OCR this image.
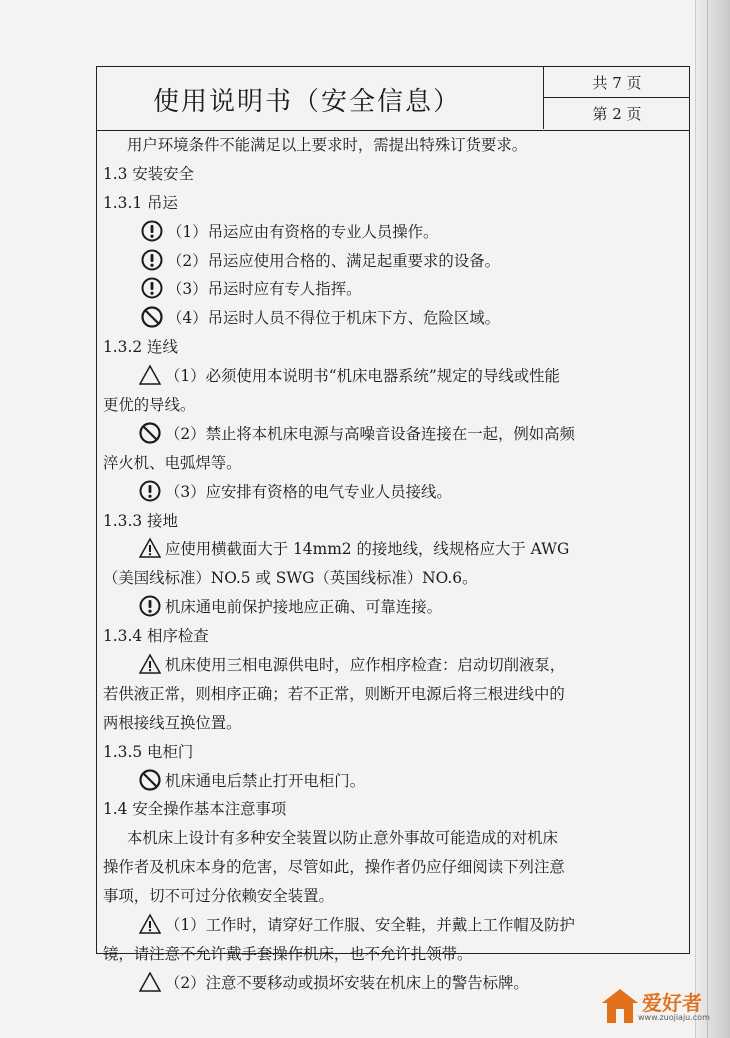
使用说明书（安全信息）
共 7 页
第 2 页
用户环境条件不能满足以上要求时，需提出特殊订货要求。
1.3 安装安全
1.3.1 吊运
（1）吊运应由有资格的专业人员操作。
（2）吊运应使用合格的、满足起重要求的设备。
（3）吊运时应有专人指挥。
（4）吊运时人员不得位于机床下方、危险区域。
1.3.2 连线
（1）必须使用本说明书“机床电器系统”规定的导线或性能
更优的导线。
（2）禁止将本机床电源与高噪音设备连接在一起，例如高频
淬火机、电弧焊等。
（3）应安排有资格的电气专业人员接线。
1.3.3 接地
应使用横截面大于 14mm2 的接地线，线规格应大于 AWG
（美国线标准）NO.5 或 SWG（英国线标准）NO.6。
机床通电前保护接地应正确、可靠连接。
1.3.4 相序检查
机床使用三相电源供电时，应作相序检查：启动切削液泵，
若供液正常，则相序正确；若不正常，则断开电源后将三根进线中的
两根接线互换位置。
1.3.5 电柜门
机床通电后禁止打开电柜门。
1.4 安全操作基本注意事项
本机床上设计有多种安全装置以防止意外事故可能造成的对机床
操作者及机床本身的危害，尽管如此，操作者仍应仔细阅读下列注意
事项，切不可过分依赖安全装置。
（1）工作时，请穿好工作服、安全鞋，并戴上工作帽及防护
镜，请注意不允许戴手套操作机床，也不允许扎领带。
（2）注意不要移动或损坏安装在机床上的警告标牌。
爱好者
www.zuojiaju.com
